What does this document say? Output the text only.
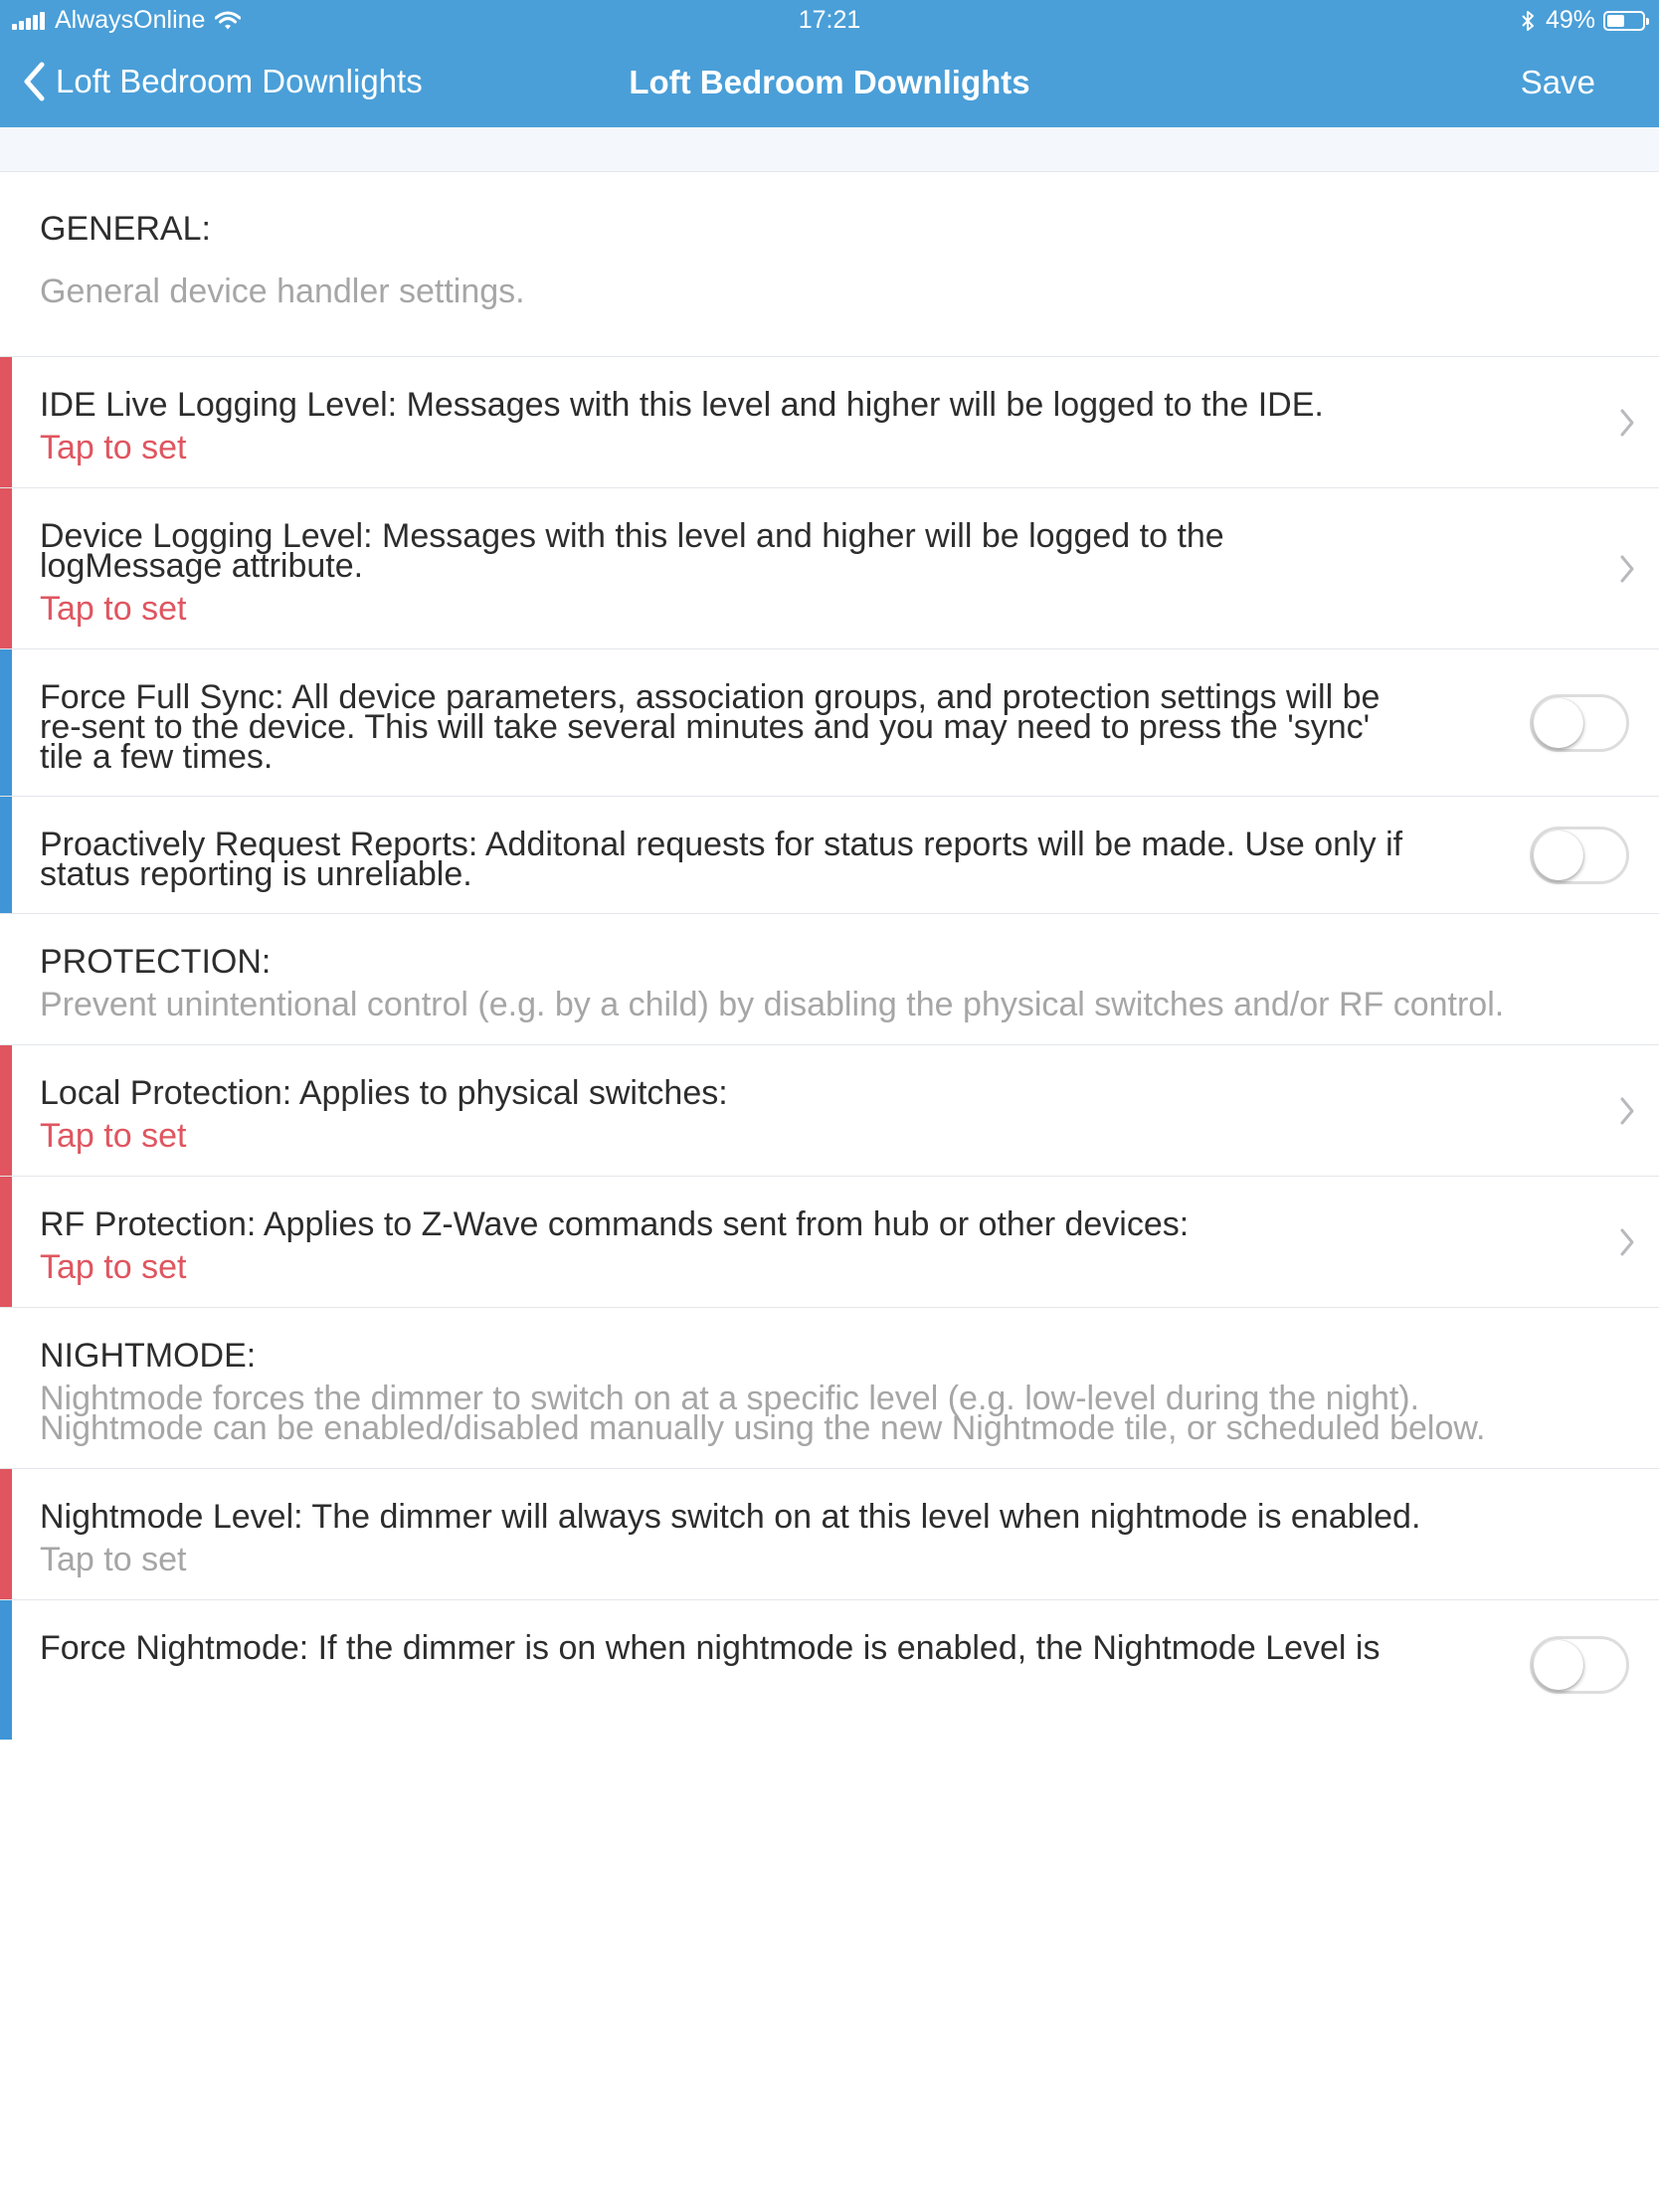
AlwaysOnline	17:21	49%
Loft Bedroom Downlights	Loft Bedroom Downlights	Save
GENERAL:
General device handler settings.
IDE Live Logging Level: Messages with this level and higher will be logged to the IDE.
Tap to set
Device Logging Level: Messages with this level and higher will be logged to the
logMessage attribute.
Tap to set
Force Full Sync: All device parameters, association groups, and protection settings will be
re-sent to the device. This will take several minutes and you may need to press the 'sync'
tile a few times.
Proactively Request Reports: Additonal requests for status reports will be made. Use only if
status reporting is unreliable.
PROTECTION:
Prevent unintentional control (e.g. by a child) by disabling the physical switches and/or RF control.
Local Protection: Applies to physical switches:
Tap to set
RF Protection: Applies to Z-Wave commands sent from hub or other devices:
Tap to set
NIGHTMODE:
Nightmode forces the dimmer to switch on at a specific level (e.g. low-level during the night).
Nightmode can be enabled/disabled manually using the new Nightmode tile, or scheduled below.
Nightmode Level: The dimmer will always switch on at this level when nightmode is enabled.
Tap to set
Force Nightmode: If the dimmer is on when nightmode is enabled, the Nightmode Level is
